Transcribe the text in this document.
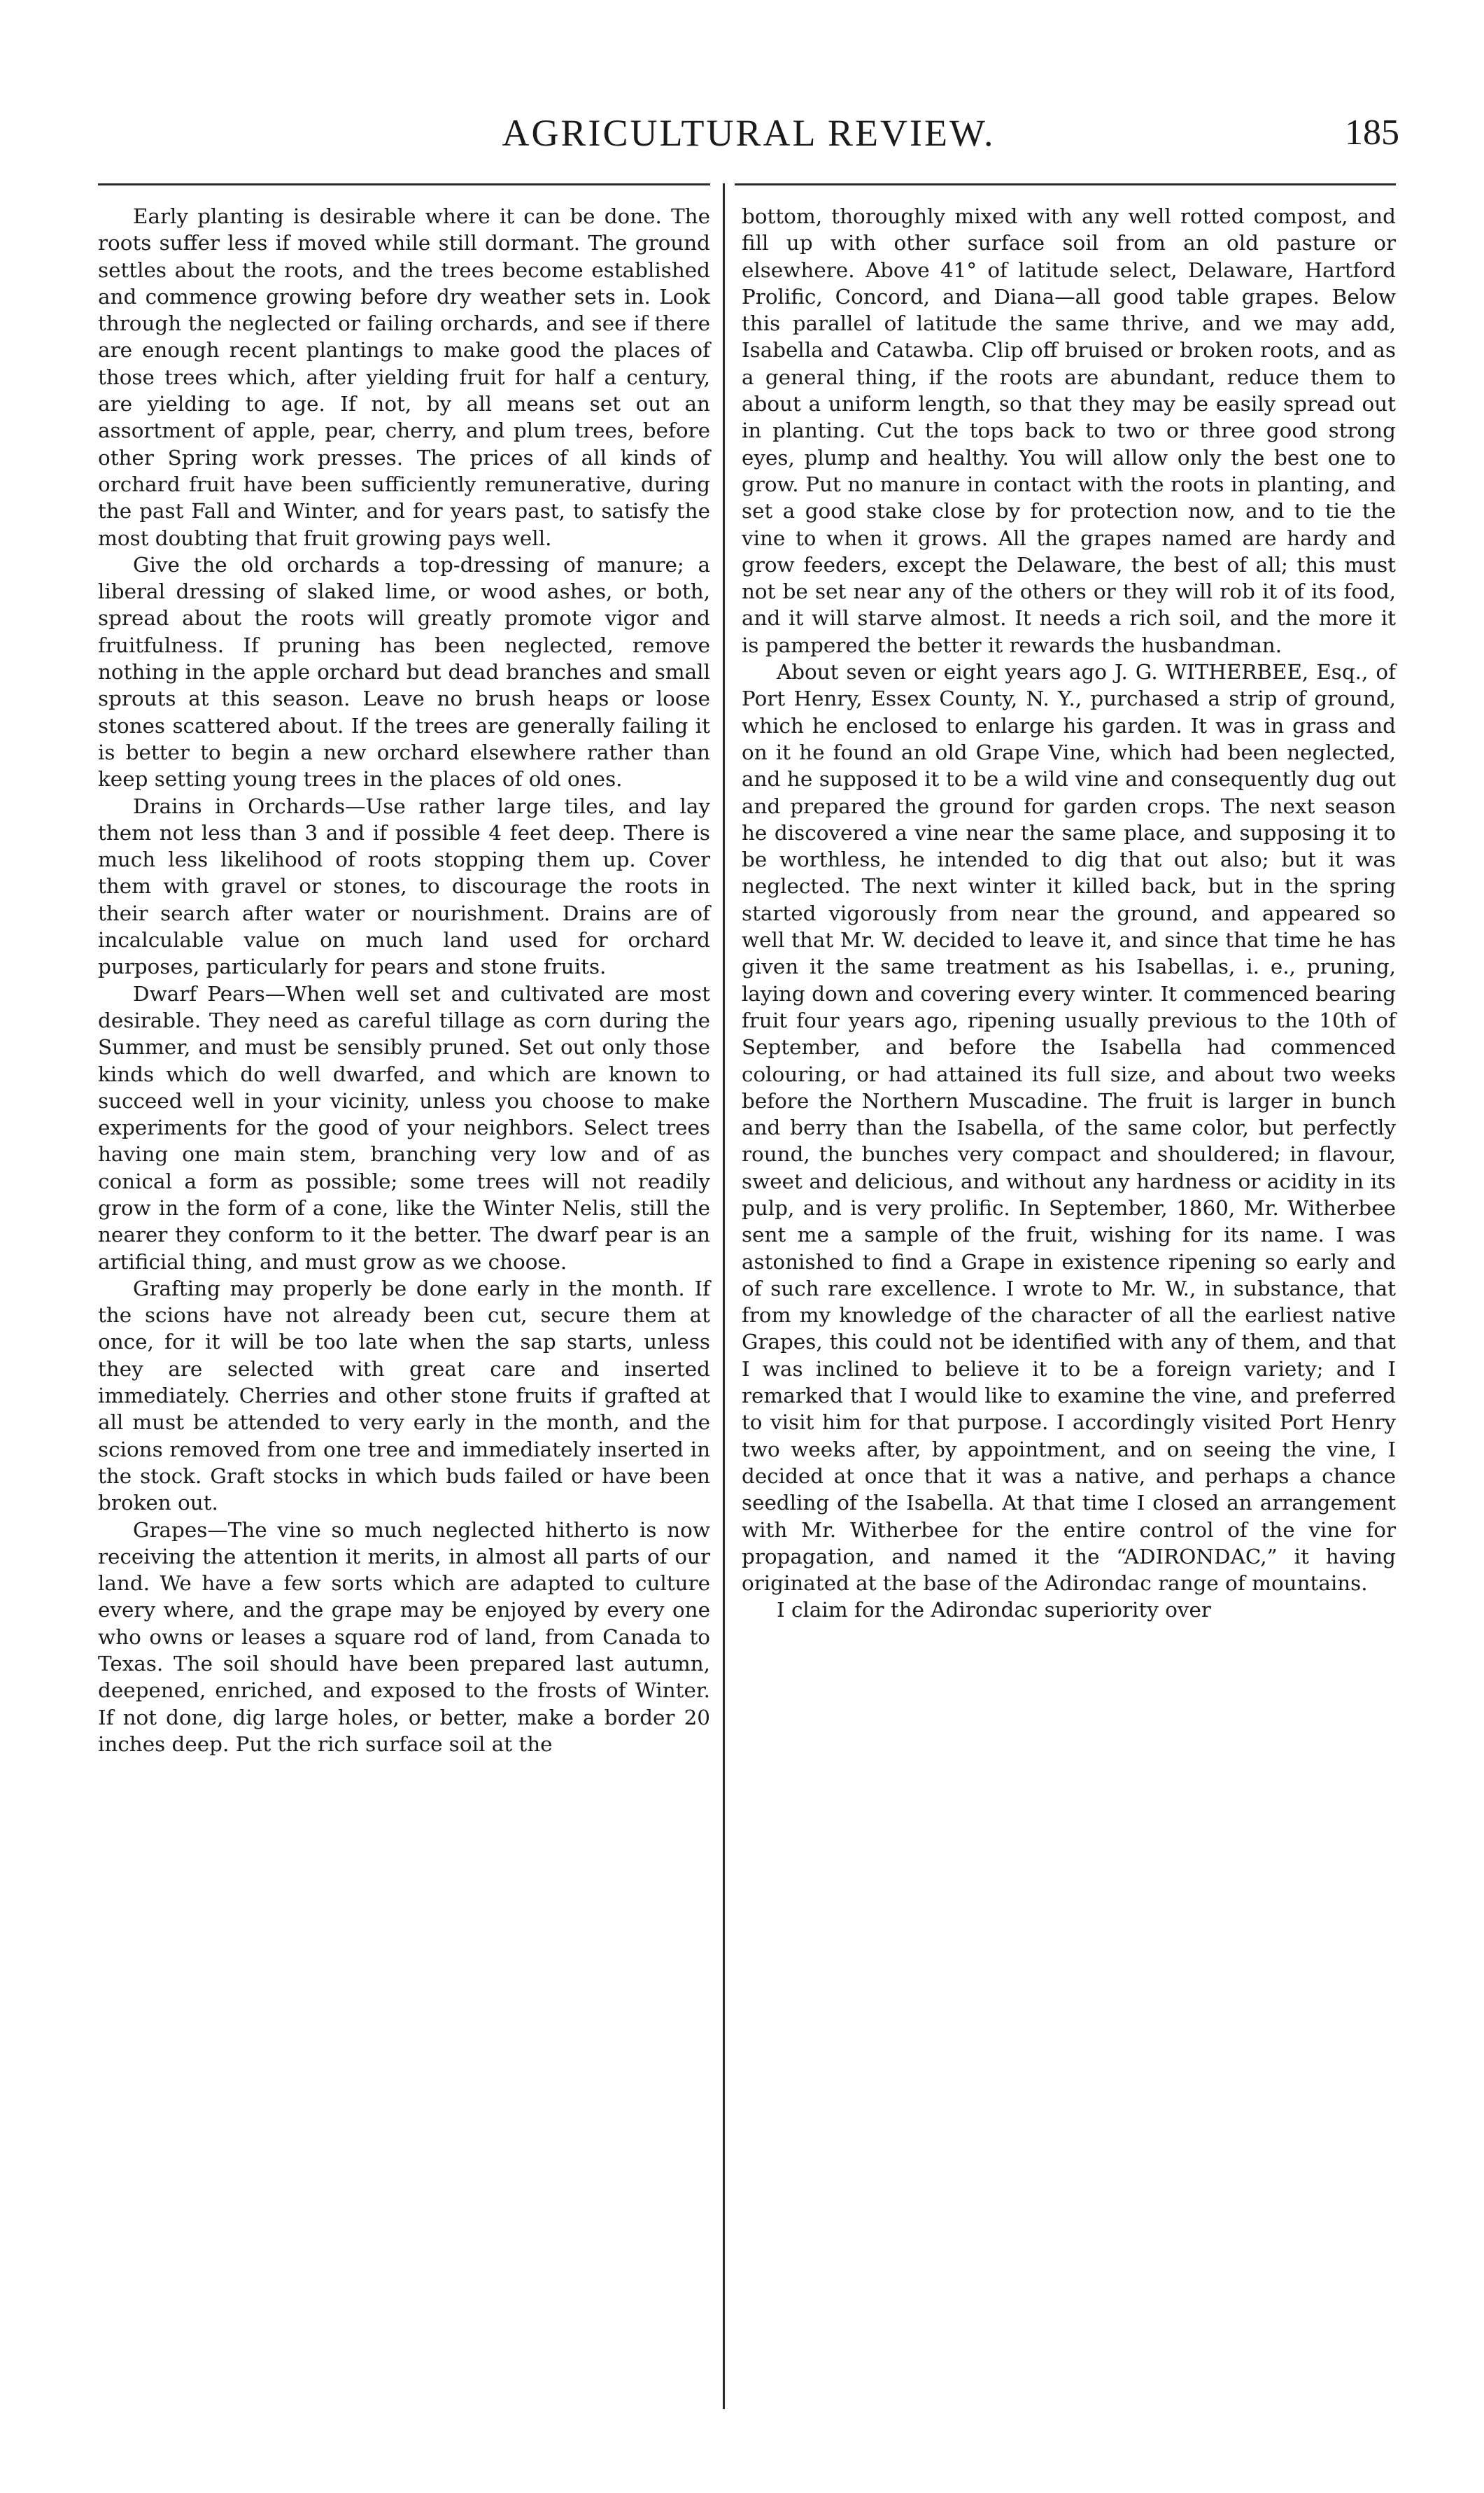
AGRICULTURAL REVIEW.	185

Early planting is desirable where it can be done. The roots suffer less if moved while still dormant. The ground settles about the roots, and the trees become established and commence growing before dry weather sets in. Look through the neglected or failing orchards, and see if there are enough recent plantings to make good the places of those trees which, after yielding fruit for half a century, are yielding to age. If not, by all means set out an assortment of apple, pear, cherry, and plum trees, before other Spring work presses. The prices of all kinds of orchard fruit have been sufficiently remunerative, during the past Fall and Winter, and for years past, to satisfy the most doubting that fruit growing pays well.

Give the old orchards a top-dressing of manure; a liberal dressing of slaked lime, or wood ashes, or both, spread about the roots will greatly promote vigor and fruitfulness. If pruning has been neglected, remove nothing in the apple orchard but dead branches and small sprouts at this season. Leave no brush heaps or loose stones scattered about. If the trees are generally failing it is better to begin a new orchard elsewhere rather than keep setting young trees in the places of old ones.

Drains in Orchards—Use rather large tiles, and lay them not less than 3 and if possible 4 feet deep. There is much less likelihood of roots stopping them up. Cover them with gravel or stones, to discourage the roots in their search after water or nourishment. Drains are of incalculable value on much land used for orchard purposes, particularly for pears and stone fruits.

Dwarf Pears—When well set and cultivated are most desirable. They need as careful tillage as corn during the Summer, and must be sensibly pruned. Set out only those kinds which do well dwarfed, and which are known to succeed well in your vicinity, unless you choose to make experiments for the good of your neighbors. Select trees having one main stem, branching very low and of as conical a form as possible; some trees will not readily grow in the form of a cone, like the Winter Nelis, still the nearer they conform to it the better. The dwarf pear is an artificial thing, and must grow as we choose.

Grafting may properly be done early in the month. If the scions have not already been cut, secure them at once, for it will be too late when the sap starts, unless they are selected with great care and inserted immediately. Cherries and other stone fruits if grafted at all must be attended to very early in the month, and the scions removed from one tree and immediately inserted in the stock. Graft stocks in which buds failed or have been broken out.

Grapes—The vine so much neglected hitherto is now receiving the attention it merits, in almost all parts of our land. We have a few sorts which are adapted to culture every where, and the grape may be enjoyed by every one who owns or leases a square rod of land, from Canada to Texas. The soil should have been prepared last autumn, deepened, enriched, and exposed to the frosts of Winter. If not done, dig large holes, or better, make a border 20 inches deep. Put the rich surface soil at the

bottom, thoroughly mixed with any well rotted compost, and fill up with other surface soil from an old pasture or elsewhere. Above 41° of latitude select, Delaware, Hartford Prolific, Concord, and Diana—all good table grapes. Below this parallel of latitude the same thrive, and we may add, Isabella and Catawba. Clip off bruised or broken roots, and as a general thing, if the roots are abundant, reduce them to about a uniform length, so that they may be easily spread out in planting. Cut the tops back to two or three good strong eyes, plump and healthy. You will allow only the best one to grow. Put no manure in contact with the roots in planting, and set a good stake close by for protection now, and to tie the vine to when it grows. All the grapes named are hardy and grow feeders, except the Delaware, the best of all; this must not be set near any of the others or they will rob it of its food, and it will starve almost. It needs a rich soil, and the more it is pampered the better it rewards the husbandman.

About seven or eight years ago J. G. WITHERBEE, Esq., of Port Henry, Essex County, N. Y., purchased a strip of ground, which he enclosed to enlarge his garden. It was in grass and on it he found an old Grape Vine, which had been neglected, and he supposed it to be a wild vine and consequently dug out and prepared the ground for garden crops. The next season he discovered a vine near the same place, and supposing it to be worthless, he intended to dig that out also; but it was neglected. The next winter it killed back, but in the spring started vigorously from near the ground, and appeared so well that Mr. W. decided to leave it, and since that time he has given it the same treatment as his Isabellas, i. e., pruning, laying down and covering every winter. It commenced bearing fruit four years ago, ripening usually previous to the 10th of September, and before the Isabella had commenced colouring, or had attained its full size, and about two weeks before the Northern Muscadine. The fruit is larger in bunch and berry than the Isabella, of the same color, but perfectly round, the bunches very compact and shouldered; in flavour, sweet and delicious, and without any hardness or acidity in its pulp, and is very prolific. In September, 1860, Mr. Witherbee sent me a sample of the fruit, wishing for its name. I was astonished to find a Grape in existence ripening so early and of such rare excellence. I wrote to Mr. W., in substance, that from my knowledge of the character of all the earliest native Grapes, this could not be identified with any of them, and that I was inclined to believe it to be a foreign variety; and I remarked that I would like to examine the vine, and preferred to visit him for that purpose. I accordingly visited Port Henry two weeks after, by appointment, and on seeing the vine, I decided at once that it was a native, and perhaps a chance seedling of the Isabella. At that time I closed an arrangement with Mr. Witherbee for the entire control of the vine for propagation, and named it the “ADIRONDAC,” it having originated at the base of the Adirondac range of mountains.

I claim for the Adirondac superiority over
